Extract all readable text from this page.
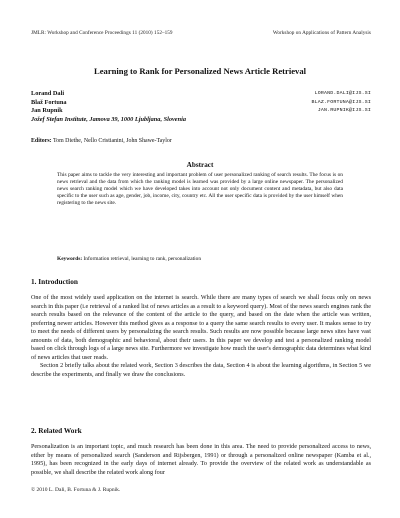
JMLR: Workshop and Conference Proceedings 11 (2010) 152–159	Workshop on Applications of Pattern Analysis
Learning to Rank for Personalized News Article Retrieval
Lorand Dali	LORAND.DALI@IJS.SI
Blaž Fortuna	BLAZ.FORTUNA@IJS.SI
Jan Rupnik	JAN.RUPNIK@IJS.SI
Jožef Stefan Institute, Jamova 39, 1000 Ljubljana, Slovenia
Editors: Tom Diethe, Nello Cristianini, John Shawe-Taylor
Abstract
This paper aims to tackle the very interesting and important problem of user personalized ranking of search results. The focus is on news retrieval and the data from which the ranking model is learned was provided by a large online newspaper. The personalized news search ranking model which we have developed takes into account not only document content and metadata, but also data specific to the user such as age, gender, job, income, city, country etc. All the user specific data is provided by the user himself when registering to the news site.
Keywords: Information retrieval, learning to rank, personalization
1. Introduction

One of the most widely used application on the internet is search. While there are many types of search we shall focus only on news search in this paper (i.e retrieval of a ranked list of news articles as a result to a keyword query). Most of the news search engines rank the search results based on the relevance of the content of the article to the query, and based on the date when the article was written, preferring newer articles. However this method gives as a response to a query the same search results to every user. It makes sense to try to meet the needs of different users by personalizing the search results. Such results are now possible because large news sites have vast amounts of data, both demographic and behavioral, about their users. In this paper we develop and test a personalized ranking model based on click through logs of a large news site. Furthermore we investigate how much the user's demographic data determines what kind of news articles that user reads.

Section 2 briefly talks about the related work, Section 3 describes the data, Section 4 is about the learning algorithms, in Section 5 we describe the experiments, and finally we draw the conclusions.

2. Related Work

Personalization is an important topic, and much research has been done in this area. The need to provide personalized access to news, either by means of personalized search (Sanderson and Rijsbergen, 1991) or through a personalized online newspaper (Kamba et al., 1995), has been recognized in the early days of internet already. To provide the overview of the related work as understandable as possible, we shall describe the related work along four

© 2010 L. Dali, B. Fortuna & J. Rupnik.
